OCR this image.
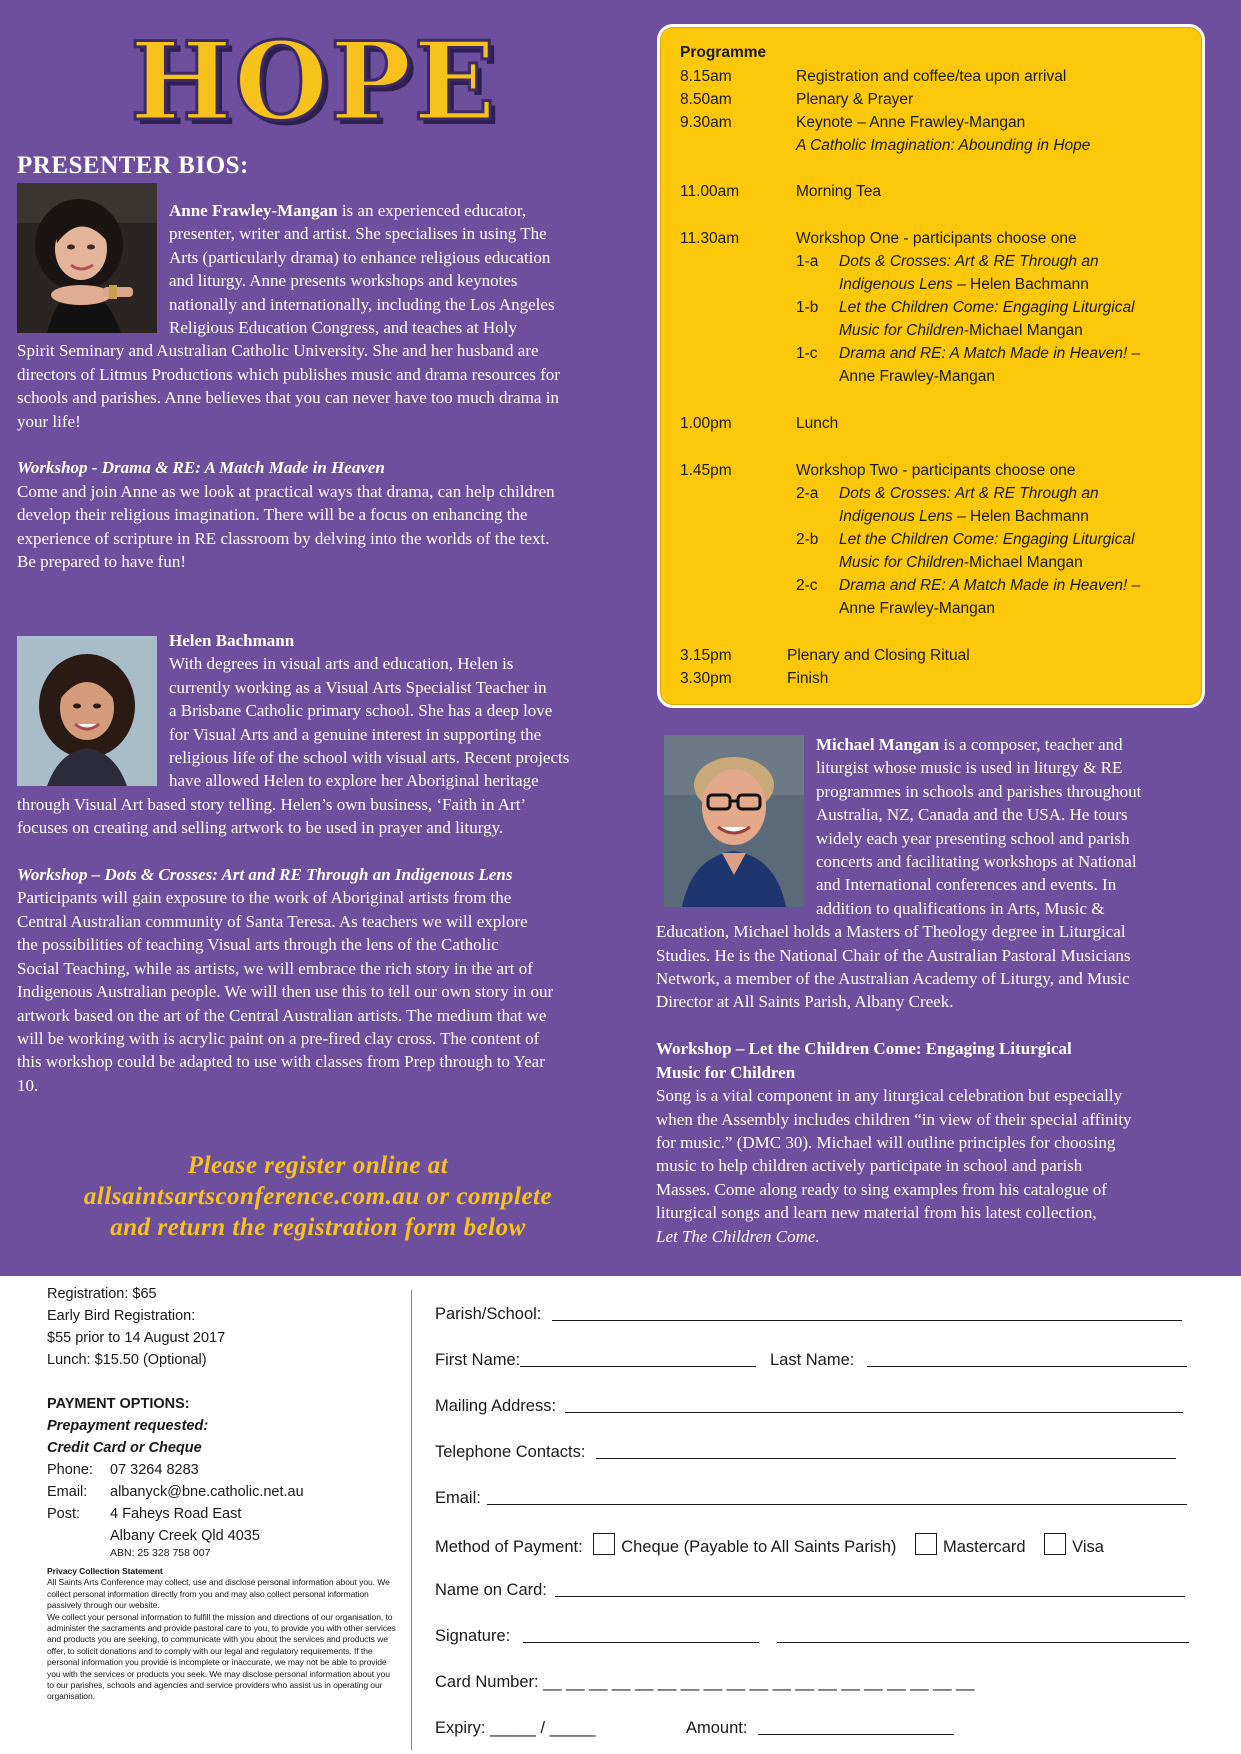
HOPE
PRESENTER BIOS:

Anne Frawley-Mangan is an experienced educator,

presenter, writer and artist. She specialises in using The

Arts (particularly drama) to enhance religious education

and liturgy. Anne presents workshops and keynotes

nationally and internationally, including the Los Angeles

Religious Education Congress, and teaches at Holy

Spirit Seminary and Australian Catholic University. She and her husband are

directors of Litmus Productions which publishes music and drama resources for

schools and parishes. Anne believes that you can never have too much drama in

your life!

Workshop - Drama & RE: A Match Made in Heaven

Come and join Anne as we look at practical ways that drama, can help children

develop their religious imagination. There will be a focus on enhancing the

experience of scripture in RE classroom by delving into the worlds of the text.

Be prepared to have fun!

Helen Bachmann

With degrees in visual arts and education, Helen is

currently working as a Visual Arts Specialist Teacher in

a Brisbane Catholic primary school. She has a deep love

for Visual Arts and a genuine interest in supporting the

religious life of the school with visual arts. Recent projects

have allowed Helen to explore her Aboriginal heritage

through Visual Art based story telling. Helen’s own business, ‘Faith in Art’

focuses on creating and selling artwork to be used in prayer and liturgy.

Workshop – Dots & Crosses: Art and RE Through an Indigenous Lens

Participants will gain exposure to the work of Aboriginal artists from the

Central Australian community of Santa Teresa. As teachers we will explore

the possibilities of teaching Visual arts through the lens of the Catholic

Social Teaching, while as artists, we will embrace the rich story in the art of

Indigenous Australian people. We will then use this to tell our own story in our

artwork based on the art of the Central Australian artists. The medium that we

will be working with is acrylic paint on a pre-fired clay cross. The content of

this workshop could be adapted to use with classes from Prep through to Year

10.

Programme
8.15am	Registration and coffee/tea upon arrival
8.50am	Plenary & Prayer
9.30am	Keynote – Anne Frawley-Mangan
A Catholic Imagination: Abounding in Hope
11.00am	Morning Tea
11.30am	Workshop One - participants choose one
1-a Dots & Crosses: Art & RE Through an
Indigenous Lens – Helen Bachmann
1-b Let the Children Come: Engaging Liturgical
Music for Children-Michael Mangan
1-c Drama and RE: A Match Made in Heaven! –
Anne Frawley-Mangan
1.00pm	Lunch
1.45pm	Workshop Two - participants choose one
2-a Dots & Crosses: Art & RE Through an
Indigenous Lens – Helen Bachmann
2-b Let the Children Come: Engaging Liturgical
Music for Children-Michael Mangan
2-c Drama and RE: A Match Made in Heaven! –
Anne Frawley-Mangan
3.15pm	Plenary and Closing Ritual
3.30pm	Finish

Michael Mangan is a composer, teacher and

liturgist whose music is used in liturgy & RE

programmes in schools and parishes throughout

Australia, NZ, Canada and the USA. He tours

widely each year presenting school and parish

concerts and facilitating workshops at National

and International conferences and events. In

addition to qualifications in Arts, Music &

Education, Michael holds a Masters of Theology degree in Liturgical

Studies. He is the National Chair of the Australian Pastoral Musicians

Network, a member of the Australian Academy of Liturgy, and Music

Director at All Saints Parish, Albany Creek.

Workshop – Let the Children Come: Engaging Liturgical

Music for Children

Song is a vital component in any liturgical celebration but especially

when the Assembly includes children “in view of their special affinity

for music.” (DMC 30). Michael will outline principles for choosing

music to help children actively participate in school and parish

Masses. Come along ready to sing examples from his catalogue of

liturgical songs and learn new material from his latest collection,

Let The Children Come.

Please register online at
allsaintsartsconference.com.au or complete
and return the registration form below
Registration: $65
Early Bird Registration:
$55 prior to 14 August 2017
Lunch: $15.50 (Optional)
PAYMENT OPTIONS:
Prepayment requested:
Credit Card or Cheque
Phone: 07 3264 8283
Email: albanyck@bne.catholic.net.au
Post: 4 Faheys Road East
Albany Creek Qld 4035
ABN: 25 328 758 007

Privacy Collection Statement

All Saints Arts Conference may collect, use and disclose personal information about you. We collect personal information directly from you and may also collect personal information passively through our website.

We collect your personal information to fulfill the mission and directions of our organisation, to administer the sacraments and provide pastoral care to you, to provide you with other services and products you are seeking, to communicate with you about the services and products we offer, to solicit donations and to comply with our legal and regulatory requirements. If the personal information you provide is incomplete or inaccurate, we may not be able to provide you with the services or products you seek. We may disclose personal information about you to our parishes, schools and agencies and service providers who assist us in operating our organisation.

Parish/School:
First Name:	Last Name:
Mailing Address:
Telephone Contacts:
Email:
Method of Payment: Cheque (Payable to All Saints Parish)	Mastercard	Visa
Name on Card:
Signature:
Card Number: __ __ __ __ __ __ __ __ __ __ __ __ __ __ __ __ __ __ __
Expiry: _____ / _____	Amount:
